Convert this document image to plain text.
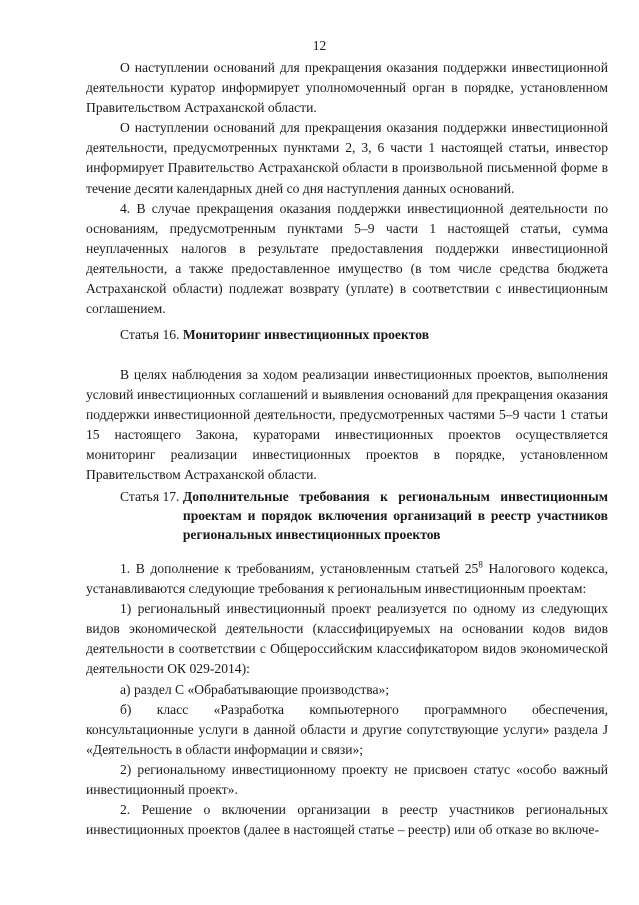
12

О наступлении оснований для прекращения оказания поддержки инвестиционной деятельности куратор информирует уполномоченный орган в порядке, установленном Правительством Астраханской области.

О наступлении оснований для прекращения оказания поддержки инвестиционной деятельности, предусмотренных пунктами 2, 3, 6 части 1 настоящей статьи, инвестор информирует Правительство Астраханской области в произвольной письменной форме в течение десяти календарных дней со дня наступления данных оснований.

4. В случае прекращения оказания поддержки инвестиционной деятельности по основаниям, предусмотренным пунктами 5–9 части 1 настоящей статьи, сумма неуплаченных налогов в результате предоставления поддержки инвестиционной деятельности, а также предоставленное имущество (в том числе средства бюджета Астраханской области) подлежат возврату (уплате) в соответствии с инвестиционным соглашением.

Статья 16. Мониторинг инвестиционных проектов

В целях наблюдения за ходом реализации инвестиционных проектов, выполнения условий инвестиционных соглашений и выявления оснований для прекращения оказания поддержки инвестиционной деятельности, предусмотренных частями 5–9 части 1 статьи 15 настоящего Закона, кураторами инвестиционных проектов осуществляется мониторинг реализации инвестиционных проектов в порядке, установленном Правительством Астраханской области.

Статья 17. Дополнительные требования к региональным инвестиционным проектам и порядок включения организаций в реестр участников региональных инвестиционных проектов

1. В дополнение к требованиям, установленным статьей $25^8$ Налогового кодекса, устанавливаются следующие требования к региональным инвестиционным проектам:

1) региональный инвестиционный проект реализуется по одному из следующих видов экономической деятельности (классифицируемых на основании кодов видов деятельности в соответствии с Общероссийским классификатором видов экономической деятельности ОК 029-2014):

а) раздел С «Обрабатывающие производства»;

б) класс «Разработка компьютерного программного обеспечения, консультационные услуги в данной области и другие сопутствующие услуги» раздела J «Деятельность в области информации и связи»;

2) региональному инвестиционному проекту не присвоен статус «особо важный инвестиционный проект».

2. Решение о включении организации в реестр участников региональных инвестиционных проектов (далее в настоящей статье – реестр) или об отказе во включе-
